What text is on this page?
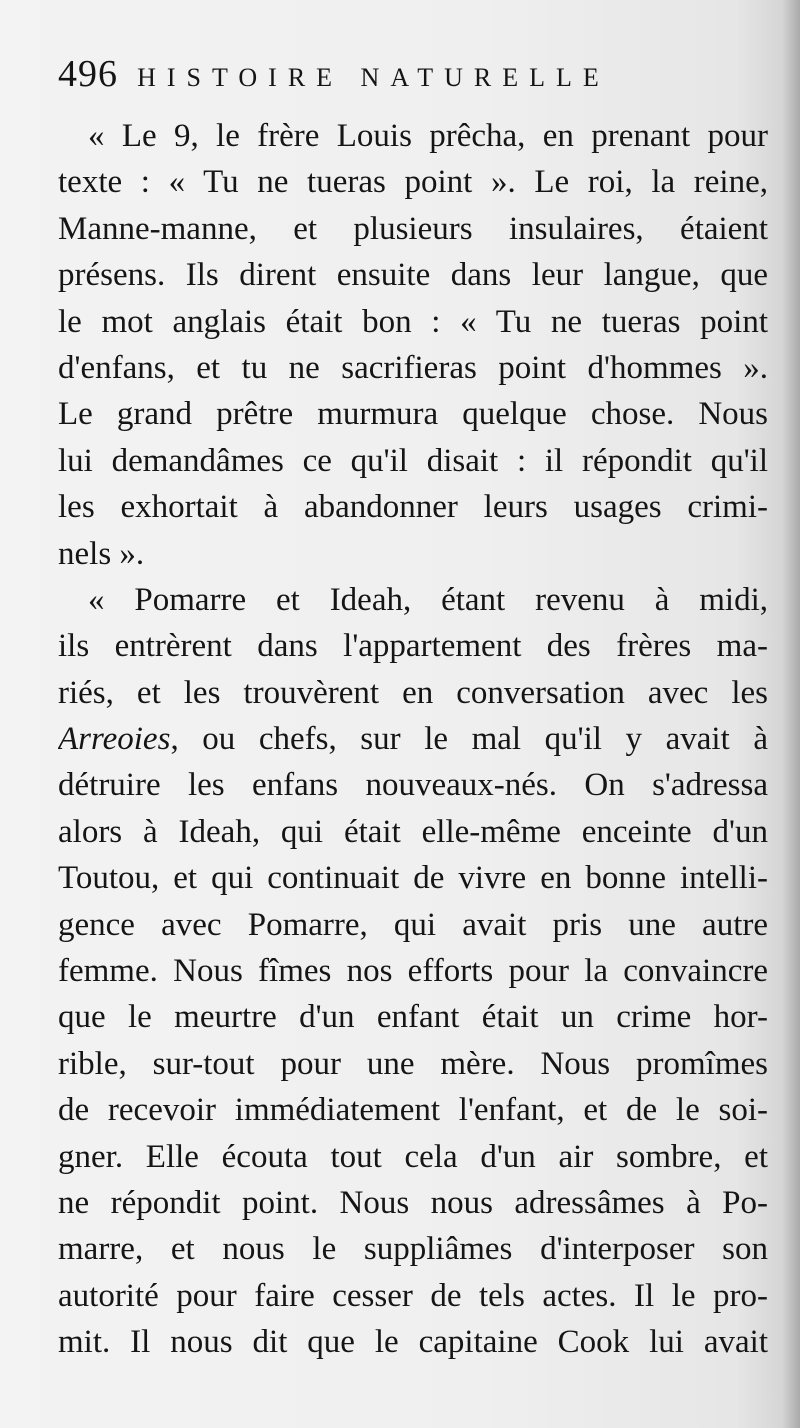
496 HISTOIRE NATURELLE
« Le 9, le frère Louis prêcha, en prenant pour
texte : « Tu ne tueras point ». Le roi, la reine,
Manne-manne, et plusieurs insulaires, étaient
présens. Ils dirent ensuite dans leur langue, que
le mot anglais était bon : « Tu ne tueras point
d'enfans, et tu ne sacrifieras point d'hommes ».
Le grand prêtre murmura quelque chose. Nous
lui demandâmes ce qu'il disait : il répondit qu'il
les exhortait à abandonner leurs usages crimi-
nels ».
« Pomarre et Ideah, étant revenu à midi,
ils entrèrent dans l'appartement des frères ma-
riés, et les trouvèrent en conversation avec les
Arreoies, ou chefs, sur le mal qu'il y avait à
détruire les enfans nouveaux-nés. On s'adressa
alors à Ideah, qui était elle-même enceinte d'un
Toutou, et qui continuait de vivre en bonne intelli-
gence avec Pomarre, qui avait pris une autre
femme. Nous fîmes nos efforts pour la convaincre
que le meurtre d'un enfant était un crime hor-
rible, sur-tout pour une mère. Nous promîmes
de recevoir immédiatement l'enfant, et de le soi-
gner. Elle écouta tout cela d'un air sombre, et
ne répondit point. Nous nous adressâmes à Po-
marre, et nous le suppliâmes d'interposer son
autorité pour faire cesser de tels actes. Il le pro-
mit. Il nous dit que le capitaine Cook lui avait
